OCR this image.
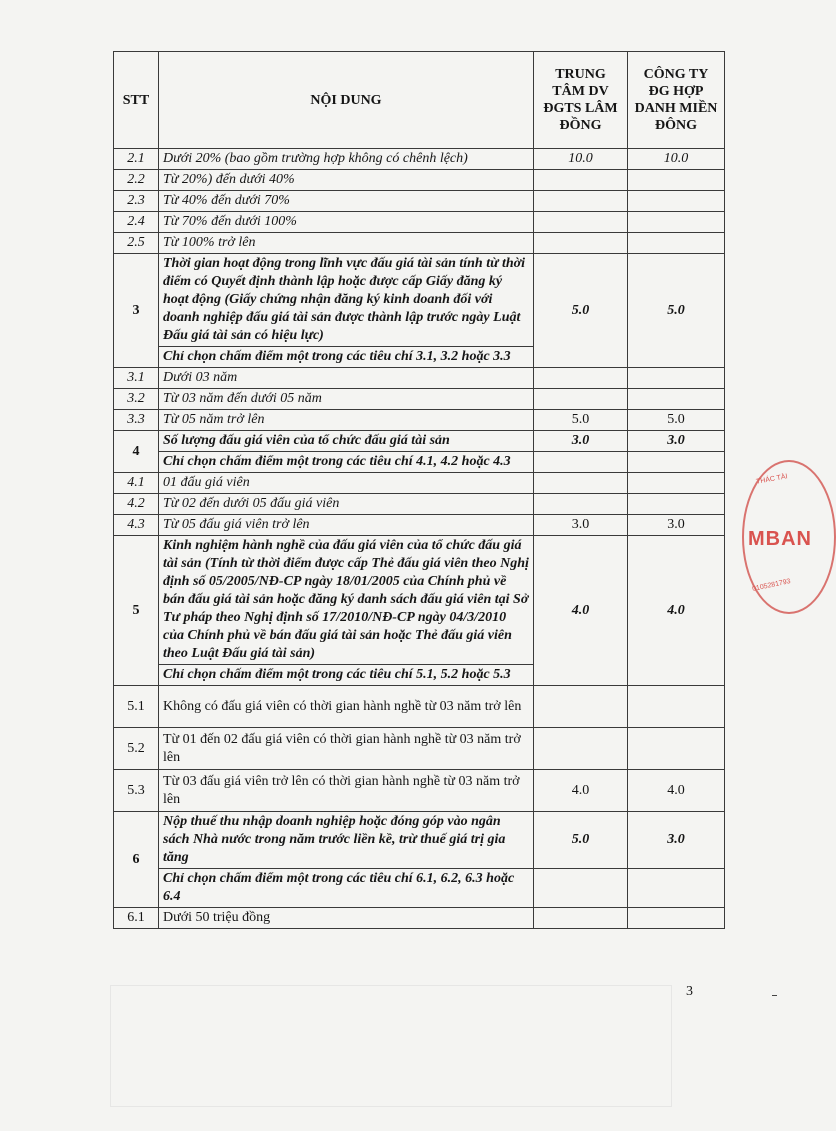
STT	NỘI DUNG	TRUNG TÂM DV ĐGTS LÂM ĐỒNG	CÔNG TY ĐG HỢP DANH MIỀN ĐÔNG
2.1	Dưới 20% (bao gồm trường hợp không có chênh lệch)	10.0	10.0
2.2	Từ 20%) đến dưới 40%		
2.3	Từ 40% đến dưới 70%		
2.4	Từ 70% đến dưới 100%		
2.5	Từ 100% trở lên		
3	Thời gian hoạt động trong lĩnh vực đấu giá tài sản tính từ thời điểm có Quyết định thành lập hoặc được cấp Giấy đăng ký hoạt động (Giấy chứng nhận đăng ký kinh doanh đối với doanh nghiệp đấu giá tài sản được thành lập trước ngày Luật Đấu giá tài sản có hiệu lực)	5.0	5.0
	Chỉ chọn chấm điểm một trong các tiêu chí 3.1, 3.2 hoặc 3.3		
3.1	Dưới 03 năm		
3.2	Từ 03 năm đến dưới 05 năm		
3.3	Từ 05 năm trở lên	5.0	5.0
4	Số lượng đấu giá viên của tổ chức đấu giá tài sản	3.0	3.0
	Chỉ chọn chấm điểm một trong các tiêu chí 4.1, 4.2 hoặc 4.3		
4.1	01 đấu giá viên		
4.2	Từ 02 đến dưới 05 đấu giá viên		
4.3	Từ 05 đấu giá viên trở lên	3.0	3.0
5	Kinh nghiệm hành nghề của đấu giá viên của tổ chức đấu giá tài sản (Tính từ thời điểm được cấp Thẻ đấu giá viên theo Nghị định số 05/2005/NĐ-CP ngày 18/01/2005 của Chính phủ về bán đấu giá tài sản hoặc đăng ký danh sách đấu giá viên tại Sở Tư pháp theo Nghị định số 17/2010/NĐ-CP ngày 04/3/2010 của Chính phủ về bán đấu giá tài sản hoặc Thẻ đấu giá viên theo Luật Đấu giá tài sản)	4.0	4.0
	Chỉ chọn chấm điểm một trong các tiêu chí 5.1, 5.2 hoặc 5.3		
5.1	Không có đấu giá viên có thời gian hành nghề từ 03 năm trở lên		
5.2	Từ 01 đến 02 đấu giá viên có thời gian hành nghề từ 03 năm trở lên		
5.3	Từ 03 đấu giá viên trở lên có thời gian hành nghề từ 03 năm trở lên	4.0	4.0
6	Nộp thuế thu nhập doanh nghiệp hoặc đóng góp vào ngân sách Nhà nước trong năm trước liền kề, trừ thuế giá trị gia tăng	5.0	3.0
	Chỉ chọn chấm điểm một trong các tiêu chí 6.1, 6.2, 6.3 hoặc 6.4		
6.1	Dưới 50 triệu đồng		
3
THÁC TÀI
MBAN
0105281793
